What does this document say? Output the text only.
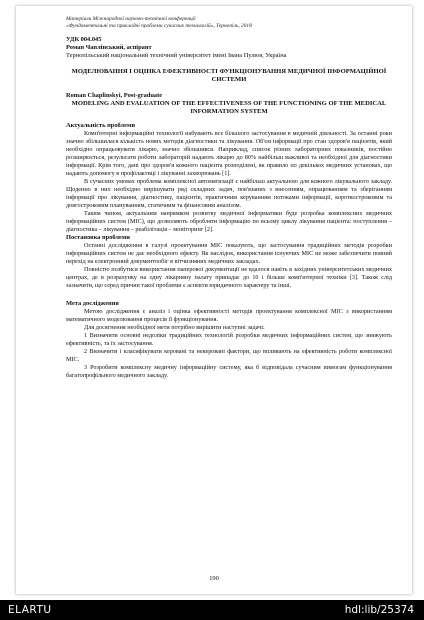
Матеріали Міжнародної науково-технічної конференції
«Фундаментальні та прикладні проблеми сучасних технологій», Тернопіль, 2018
УДК 004.045
Роман Чаплінський, аспірант
Тернопільський національний технічний університет імені Івана Пулюя, Україна
МОДЕЛЮВАННЯ І ОЦІНКА ЕФЕКТИВНОСТІ ФУНКЦІОНУВАННЯ МЕДИЧНОЇ ІНФОРМАЦІЙНОЇ СИСТЕМИ
Roman Chaplinskyi, Post-graduate
MODELING AND EVALUATION OF THE EFFECTIVENESS OF THE FUNCTIONING OF THE MEDICAL INFORMATION SYSTEM
Актуальність проблеми

Комп'ютерні інформаційні технології набувають все більшого застосування в медичній діяльності. За останні роки значно збільшилася кількість нових методів діагностики та лікування. Об'єм інформації про стан здоров'я пацієнтів, який необхідно опрацьовувати лікарю, значно збільшився. Наприклад, список різних лабораторних показників, постійно розширюється, результати роботи лабораторій надають лікарю до 80% найбільш важливої та необхідної для діагностики інформації. Крім того, дані про здоров'я кожного пацієнта розподілені, як правило по декількох медичних установах, що надають допомогу в профілактиці і лікуванні захворювань [1].

В сучасних умовах проблема комплексної автоматизації є найбільш актуальною для кожного лікувального закладу. Щоденно в них необхідно вирішувати ряд складних задач, пов'язаних з внесенням, опрацюванням та зберіганням інформації про лікування, діагностику, пацієнтів, практичним керуванням потоками інформації, короткостроковим та довгостроковим плануванням, статичним та фінансовим аналізом.

Таким чином, актуальним напрямком розвитку медичної інформатики буде розробка комплексних медичних інформаційних систем (МІС), що дозволяють обробляти інформацію по всьому циклу лікування пацієнта: поступлення – діагностика – лікування – реабілітація – моніторинг [2].

Постановка проблеми

Останні дослідження в галузі проектування МІС показують, що застосування традиційних методів розробки інформаційних систем не дає необхідного ефекту. Як наслідок, використання існуючих МІС не може забезпечити повний перехід на електронний документообіг в вітчизняних медичних закладах.

Повністю позбутися використання паперової документації не вдалося навіть в західних університетських медичних центрах, де в розрахунку на одну лікарняну палату припадає до 10 і більше комп'ютерної техніки [3]. Також слід зазначити, що серед причин такої проблеми є аспекти юридичного характеру та інші.

Мета дослідження

Метою дослідження є аналіз і оцінка ефективності методів проектування комплексної МІС з використанням математичного моделювання процесів її функціонування.

Для досягнення необхідної мети потрібно вирішити наступні задачі:

1 Визначити основні недоліки традиційних технологій розробки медичних інформаційних систем, що знижують ефективність, та їх застосування.
2 Визначити і класифікувати керовані та некеровані фактори, що впливають на ефективність роботи комплексної МІС.
3 Розробити комплексну медичну інформаційну систему, яка б відповідала сучасним вимогам функціонування багатопрофільного медичного закладу.
190
ELARTU	hdl:lib/25374
